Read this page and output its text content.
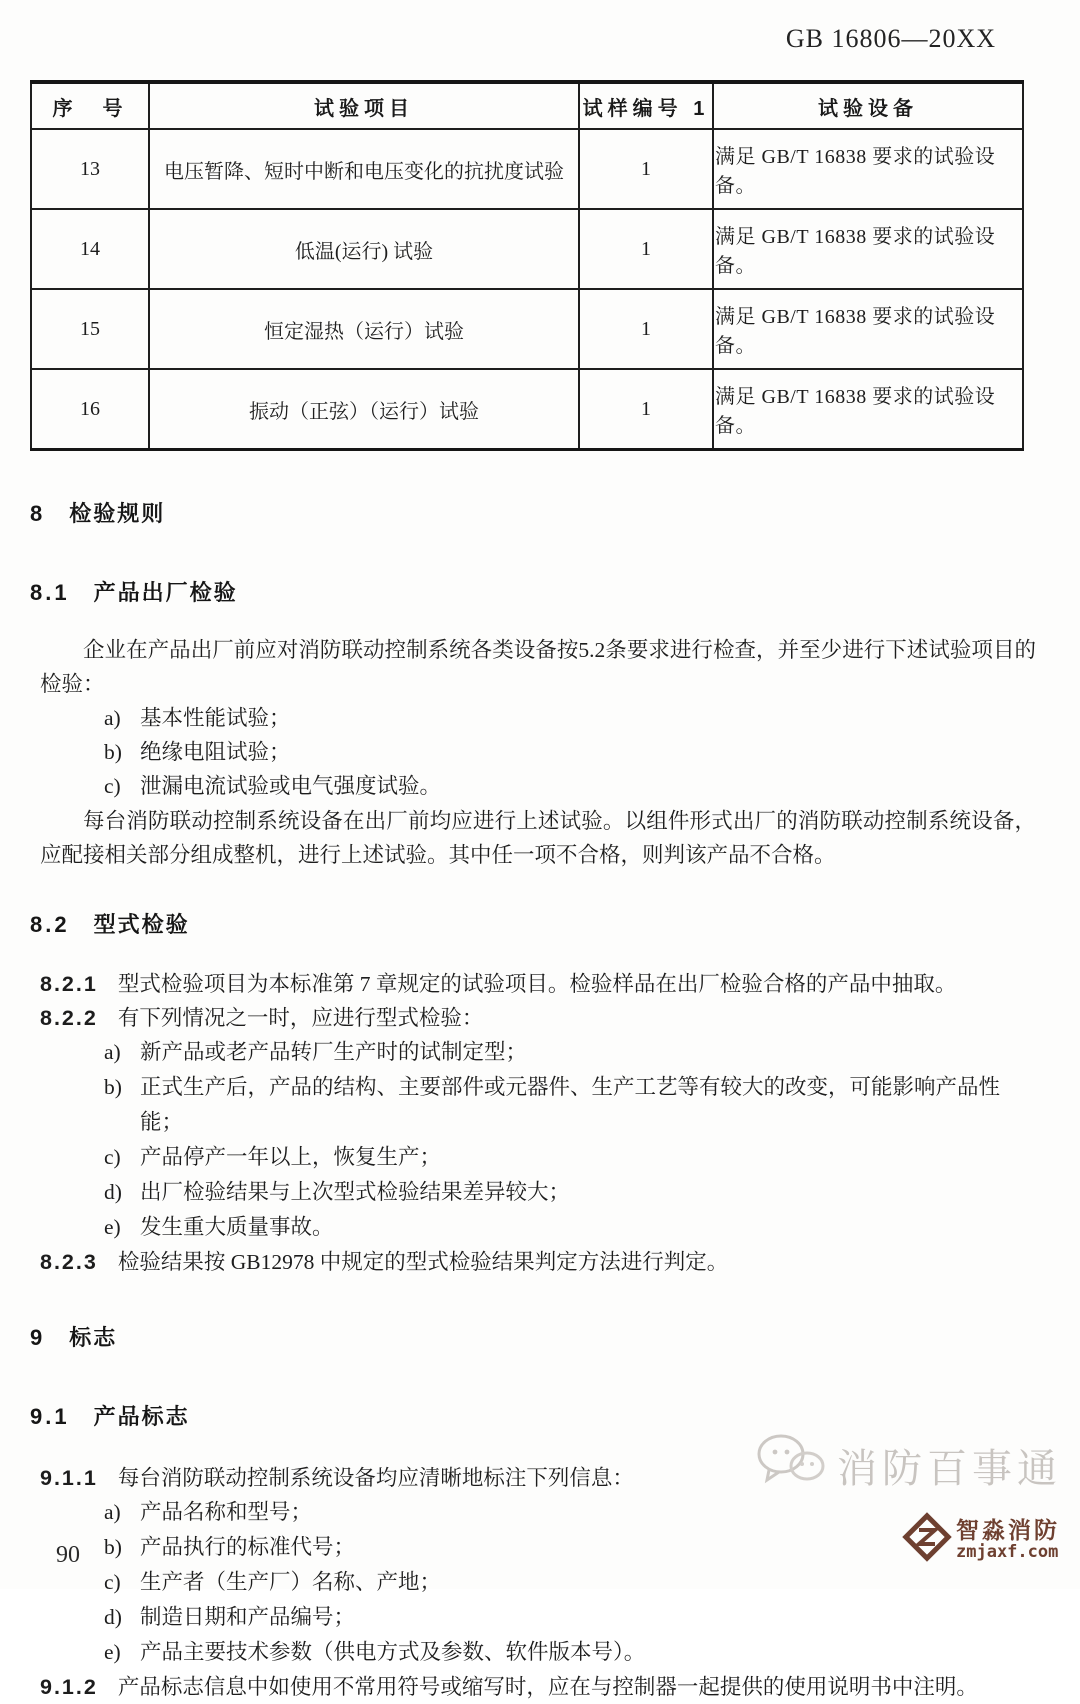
GB 16806—20XX
序　号	试验项目	试样编号 1	试验设备
13	电压暂降、短时中断和电压变化的抗扰度试验	1	满足 GB/T 16838 要求的试验设备。
14	低温(运行) 试验	1	满足 GB/T 16838 要求的试验设备。
15	恒定湿热（运行）试验	1	满足 GB/T 16838 要求的试验设备。
16	振动（正弦）（运行）试验	1	满足 GB/T 16838 要求的试验设备。
8 检验规则
8.1 产品出厂检验

企业在产品出厂前应对消防联动控制系统各类设备按5.2条要求进行检查，并至少进行下述试验项目的检验：

a) 基本性能试验；
b) 绝缘电阻试验；
c) 泄漏电流试验或电气强度试验。

每台消防联动控制系统设备在出厂前均应进行上述试验。以组件形式出厂的消防联动控制系统设备，应配接相关部分组成整机，进行上述试验。其中任一项不合格，则判该产品不合格。

8.2 型式检验
8.2.1 型式检验项目为本标准第 7 章规定的试验项目。检验样品在出厂检验合格的产品中抽取。
8.2.2 有下列情况之一时，应进行型式检验：
a) 新产品或老产品转厂生产时的试制定型；
b) 正式生产后，产品的结构、主要部件或元器件、生产工艺等有较大的改变，可能影响产品性能；
c) 产品停产一年以上，恢复生产；
d) 出厂检验结果与上次型式检验结果差异较大；
e) 发生重大质量事故。
8.2.3 检验结果按 GB12978 中规定的型式检验结果判定方法进行判定。
9 标志
9.1 产品标志
9.1.1 每台消防联动控制系统设备均应清晰地标注下列信息：
a) 产品名称和型号；
b) 产品执行的标准代号；
c) 生产者（生产厂）名称、产地；
d) 制造日期和产品编号；
e) 产品主要技术参数（供电方式及参数、软件版本号）。
9.1.2 产品标志信息中如使用不常用符号或缩写时，应在与控制器一起提供的使用说明书中注明。
90
消防百事通
智淼消防
zmjaxf.com
